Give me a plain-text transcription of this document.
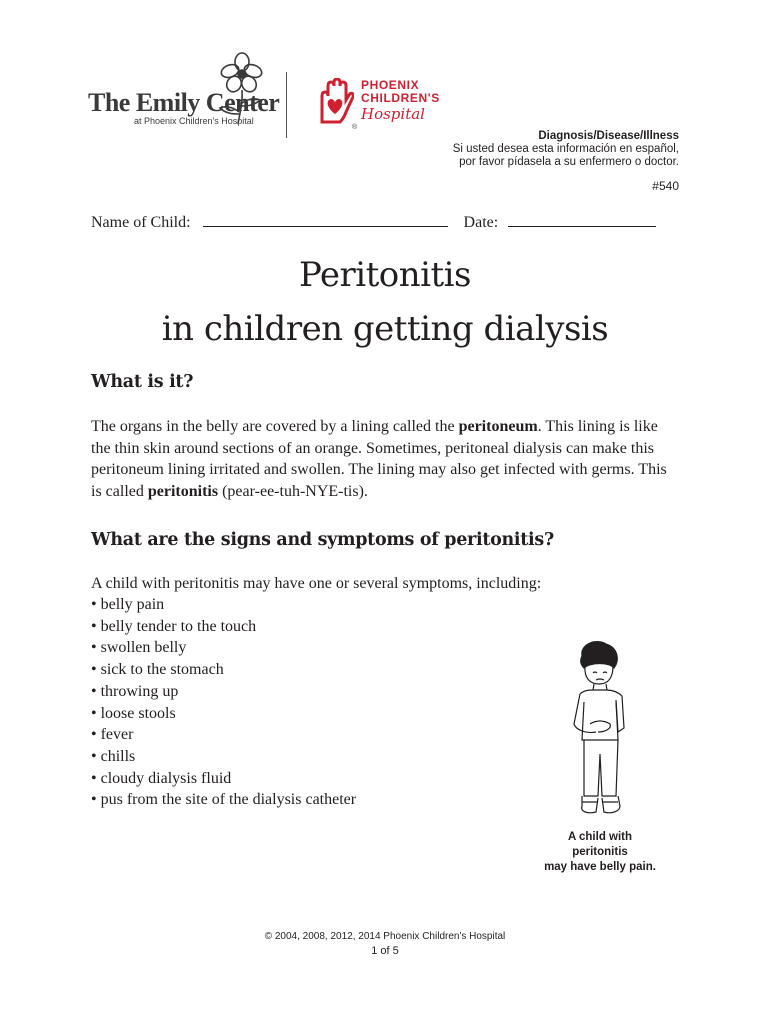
The Emily Center
at Phoenix Children's Hospital
PHOENIX
CHILDREN'S
Hospital
®
Diagnosis/Disease/Illness
Si usted desea esta información en español,
por favor pídasela a su enfermero o doctor.
#540
Name of Child:	Date:
Peritonitis
in children getting dialysis
What is it?
The organs in the belly are covered by a lining called the peritoneum. This lining is like the thin skin around sections of an orange. Sometimes, peritoneal dialysis can make this peritoneum lining irritated and swollen. The lining may also get infected with germs. This is called peritonitis (pear-ee-tuh-NYE-tis).
What are the signs and symptoms of peritonitis?
A child with peritonitis may have one or several symptoms, including:
• belly pain
• belly tender to the touch
• swollen belly
• sick to the stomach
• throwing up
• loose stools
• fever
• chills
• cloudy dialysis fluid
• pus from the site of the dialysis catheter
A child with
peritonitis
may have belly pain.
© 2004, 2008, 2012, 2014 Phoenix Children's Hospital
1 of 5
